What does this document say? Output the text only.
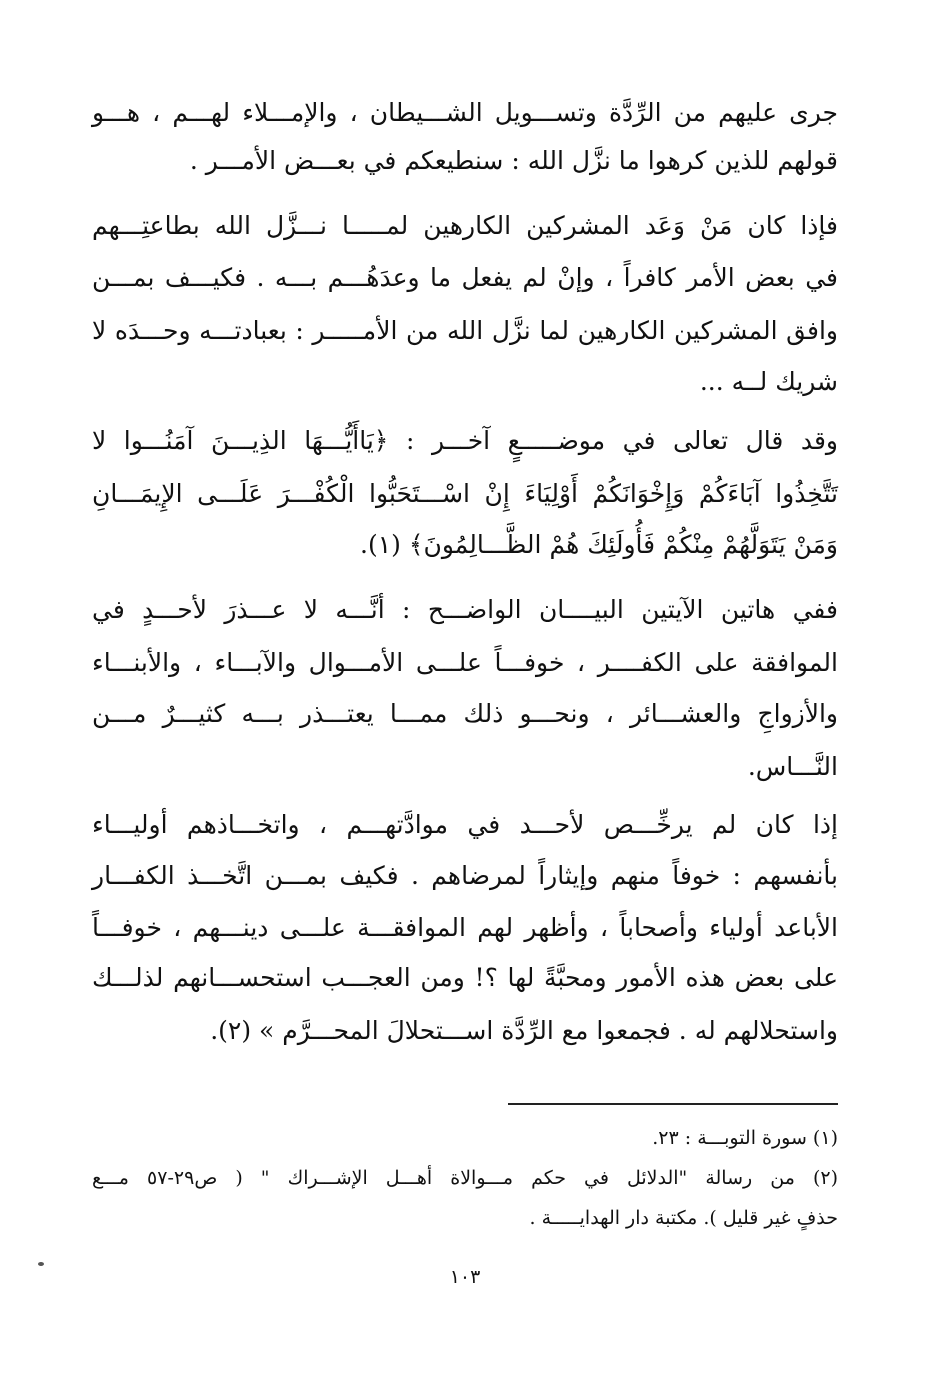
جرى عليهم من الرِّدَّة وتســـويل الشـــيطان ، والإمـــلاء لهـــم ، هـــو
قولهم للذين كرهوا ما نزَّل الله : سنطيعكم في بعـــض الأمـــر .
فإذا كان مَنْ وَعَد المشركين الكارهين لمـــــا نـــزَّل الله بطاعتِـــهم
في بعض الأمر كافراً ، وإنْ لم يفعل ما وعدَهُـــم بـــه . فكيـــف بمـــن
وافق المشركين الكارهين لما نزَّل الله من الأمـــــر : بعبادتـــه وحـــدَه لا
شريك لــه ...
وقد قال تعالى في موضـــــعٍ آخـــر : ﴿يَاأَيُّـــهَا الذِيـــنَ آمَنُـــوا لا
تَتَّخِذُوا آبَاءَكُمْ وَإِخْوَانَكُمْ أَوْلِيَاءَ إِنْ اسْـــتَحَبُّوا الْكُفْـــرَ عَلَـــى الإِيمَـــانِ
وَمَنْ يَتَوَلَّهُمْ مِنْكُمْ فَأُولَئِكَ هُمْ الظَّـــالِمُونَ﴾ (١).
ففي هاتين الآيتين البيــــان الواضـــح : أنَّـــه لا عـــذرَ لأحـــدٍ في
الموافقة على الكفــــر ، خوفـــاً علـــى الأمـــوال والآبـــاء ، والأبنـــاء
والأزواجِ والعشـــائر ، ونحـــو ذلك ممـــا يعتـــذر بـــه كثيـــرٌ مـــن
النَّـــاس.
إذا كان لم يرخِّـــص لأحـــد في موادَّتهـــم ، واتخـــاذهم أوليـــاء
بأنفسهم : خوفاً منهم وإيثاراً لمرضاهم . فكيف بمـــن اتَّخـــذ الكفـــار
الأباعد أولياء وأصحاباً ، وأظهر لهم الموافقـــة علـــى دينـــهم ، خوفـــاً
على بعض هذه الأمور ومحبَّةً لها ؟! ومن العجـــب استحســـانهم لذلـــك
واستحلالهم له . فجمعوا مع الرِّدَّة اســـتحلالَ المحـــرَّم » (٢).
(١) سورة التوبـــة : ٢٣.
(٢) من رسالة "الدلائل في حكم مـــوالاة أهـــل الإشـــراك " ( ص٢٩-٥٧ مـــع
حذفٍ غير قليل ). مكتبة دار الهدايـــــة .
١٠٣
